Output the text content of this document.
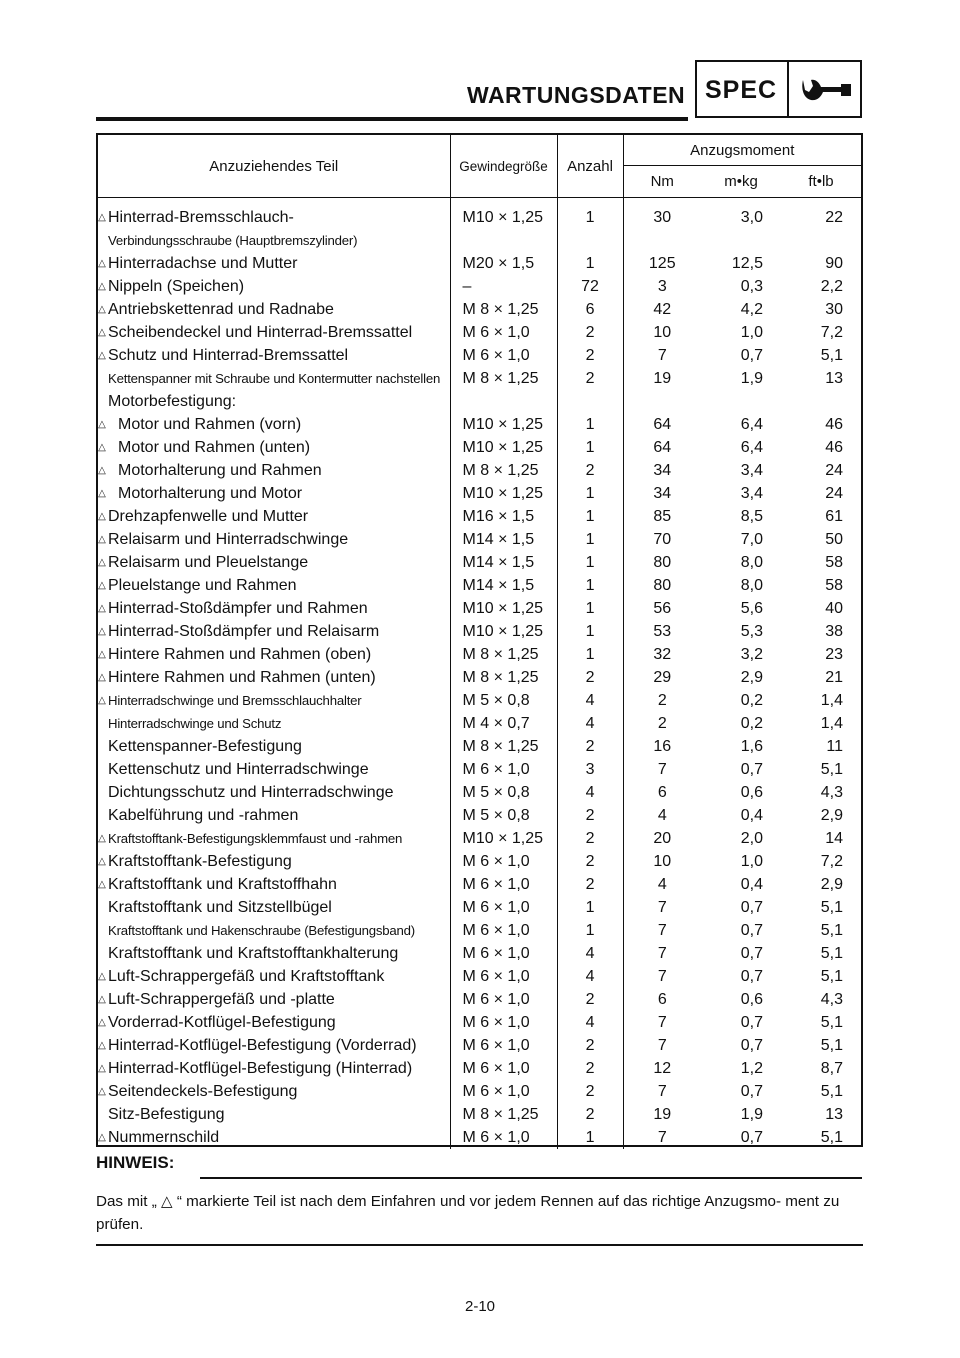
WARTUNGSDATEN SPEC
Anzuziehendes Teil		Gewindegröße	Anzahl	Anzugsmoment		
				Nm	m•kg	ft•lb
△	Hinterrad-Bremsschlauch-	M10 × 1,25	1	30	3,0	22
	Verbindungsschraube (Hauptbremszylinder)					
△	Hinterradachse und Mutter	M20 × 1,5	1	125	12,5	90
△	Nippeln (Speichen)	–	72	3	0,3	2,2
△	Antriebskettenrad und Radnabe	M 8 × 1,25	6	42	4,2	30
△	Scheibendeckel und Hinterrad-Bremssattel	M 6 × 1,0	2	10	1,0	7,2
△	Schutz und Hinterrad-Bremssattel	M 6 × 1,0	2	7	0,7	5,1
	Kettenspanner mit Schraube und Kontermutter nachstellen	M 8 × 1,25	2	19	1,9	13
	Motorbefestigung:					
△	Motor und Rahmen (vorn)	M10 × 1,25	1	64	6,4	46
△	Motor und Rahmen (unten)	M10 × 1,25	1	64	6,4	46
△	Motorhalterung und Rahmen	M 8 × 1,25	2	34	3,4	24
△	Motorhalterung und Motor	M10 × 1,25	1	34	3,4	24
△	Drehzapfenwelle und Mutter	M16 × 1,5	1	85	8,5	61
△	Relaisarm und Hinterradschwinge	M14 × 1,5	1	70	7,0	50
△	Relaisarm und Pleuelstange	M14 × 1,5	1	80	8,0	58
△	Pleuelstange und Rahmen	M14 × 1,5	1	80	8,0	58
△	Hinterrad-Stoßdämpfer und Rahmen	M10 × 1,25	1	56	5,6	40
△	Hinterrad-Stoßdämpfer und Relaisarm	M10 × 1,25	1	53	5,3	38
△	Hintere Rahmen und Rahmen (oben)	M 8 × 1,25	1	32	3,2	23
△	Hintere Rahmen und Rahmen (unten)	M 8 × 1,25	2	29	2,9	21
△	Hinterradschwinge und Bremsschlauchhalter	M 5 × 0,8	4	2	0,2	1,4
	Hinterradschwinge und Schutz	M 4 × 0,7	4	2	0,2	1,4
	Kettenspanner-Befestigung	M 8 × 1,25	2	16	1,6	11
	Kettenschutz und Hinterradschwinge	M 6 × 1,0	3	7	0,7	5,1
	Dichtungsschutz und Hinterradschwinge	M 5 × 0,8	4	6	0,6	4,3
	Kabelführung und -rahmen	M 5 × 0,8	2	4	0,4	2,9
△	Kraftstofftank-Befestigungsklemmfaust und -rahmen	M10 × 1,25	2	20	2,0	14
△	Kraftstofftank-Befestigung	M 6 × 1,0	2	10	1,0	7,2
△	Kraftstofftank und Kraftstoffhahn	M 6 × 1,0	2	4	0,4	2,9
	Kraftstofftank und Sitzstellbügel	M 6 × 1,0	1	7	0,7	5,1
	Kraftstofftank und Hakenschraube (Befestigungsband)	M 6 × 1,0	1	7	0,7	5,1
	Kraftstofftank und Kraftstofftankhalterung	M 6 × 1,0	4	7	0,7	5,1
△	Luft-Schrappergefäß und Kraftstofftank	M 6 × 1,0	4	7	0,7	5,1
△	Luft-Schrappergefäß und -platte	M 6 × 1,0	2	6	0,6	4,3
△	Vorderrad-Kotflügel-Befestigung	M 6 × 1,0	4	7	0,7	5,1
△	Hinterrad-Kotflügel-Befestigung (Vorderrad)	M 6 × 1,0	2	7	0,7	5,1
△	Hinterrad-Kotflügel-Befestigung (Hinterrad)	M 6 × 1,0	2	12	1,2	8,7
△	Seitendeckels-Befestigung	M 6 × 1,0	2	7	0,7	5,1
	Sitz-Befestigung	M 8 × 1,25	2	19	1,9	13
△	Nummernschild	M 6 × 1,0	1	7	0,7	5,1
HINWEIS:
Das mit „ △ “ markierte Teil ist nach dem Einfahren und vor jedem Rennen auf das richtige Anzugsmo- ment zu prüfen.
2-10
